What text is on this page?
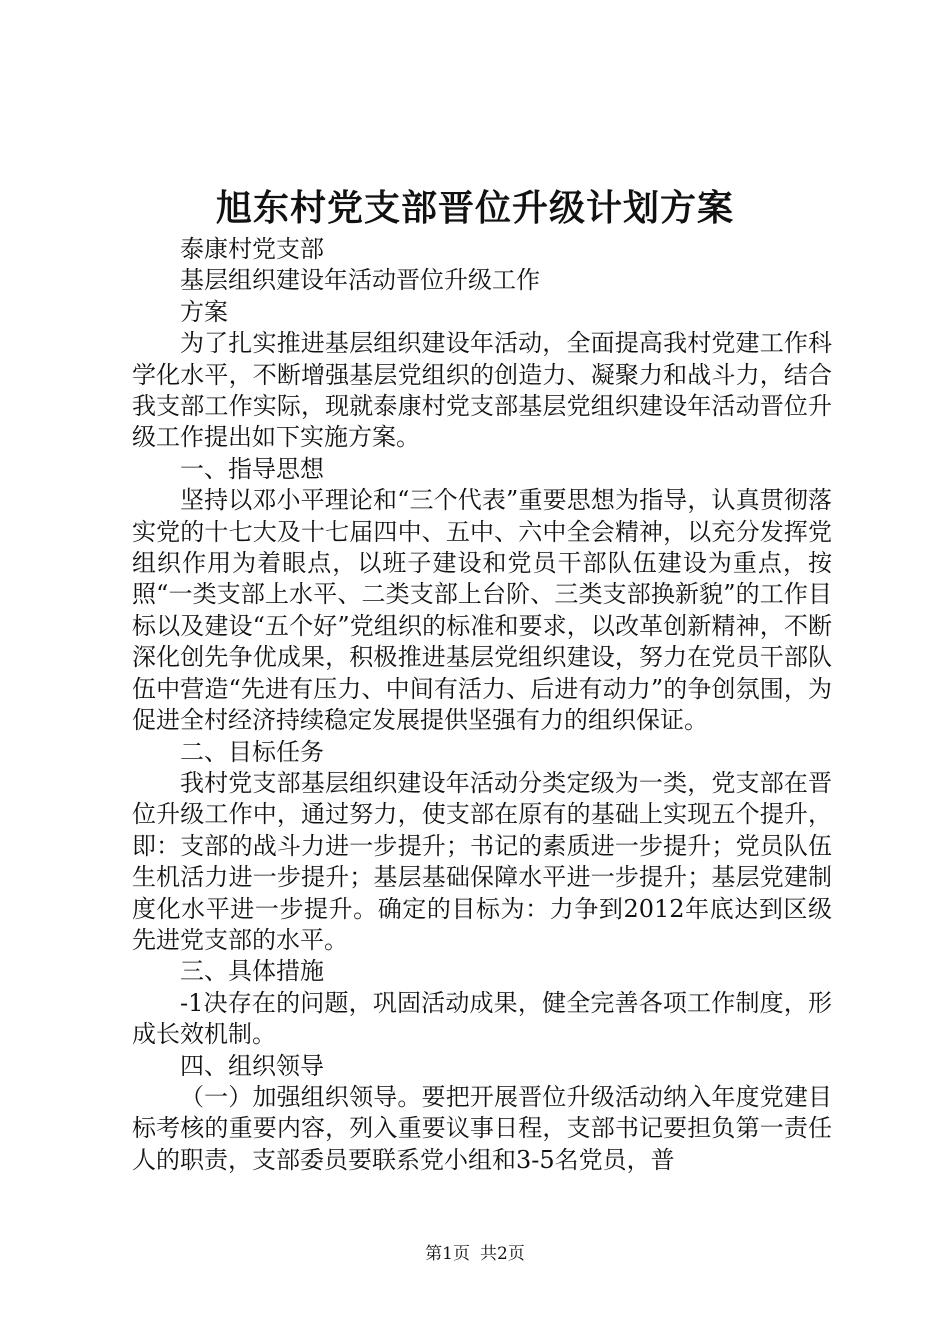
旭东村党支部晋位升级计划方案

泰康村党支部

基层组织建设年活动晋位升级工作

方案

为了扎实推进基层组织建设年活动，全面提高我村党建工作科学化水平，不断增强基层党组织的创造力、凝聚力和战斗力，结合我支部工作实际，现就泰康村党支部基层党组织建设年活动晋位升级工作提出如下实施方案。

一、指导思想

坚持以邓小平理论和“三个代表”重要思想为指导，认真贯彻落实党的十七大及十七届四中、五中、六中全会精神，以充分发挥党组织作用为着眼点，以班子建设和党员干部队伍建设为重点，按照“一类支部上水平、二类支部上台阶、三类支部换新貌”的工作目标以及建设“五个好”党组织的标准和要求，以改革创新精神，不断深化创先争优成果，积极推进基层党组织建设，努力在党员干部队伍中营造“先进有压力、中间有活力、后进有动力”的争创氛围，为促进全村经济持续稳定发展提供坚强有力的组织保证。

二、目标任务

我村党支部基层组织建设年活动分类定级为一类，党支部在晋位升级工作中，通过努力，使支部在原有的基础上实现五个提升，即：支部的战斗力进一步提升；书记的素质进一步提升；党员队伍生机活力进一步提升；基层基础保障水平进一步提升；基层党建制度化水平进一步提升。确定的目标为：力争到2012年底达到区级先进党支部的水平。

三、具体措施

-1决存在的问题，巩固活动成果，健全完善各项工作制度，形成长效机制。

四、组织领导

（一）加强组织领导。要把开展晋位升级活动纳入年度党建目标考核的重要内容，列入重要议事日程，支部书记要担负第一责任人的职责，支部委员要联系党小组和3-5名党员，普

第1页 共2页
